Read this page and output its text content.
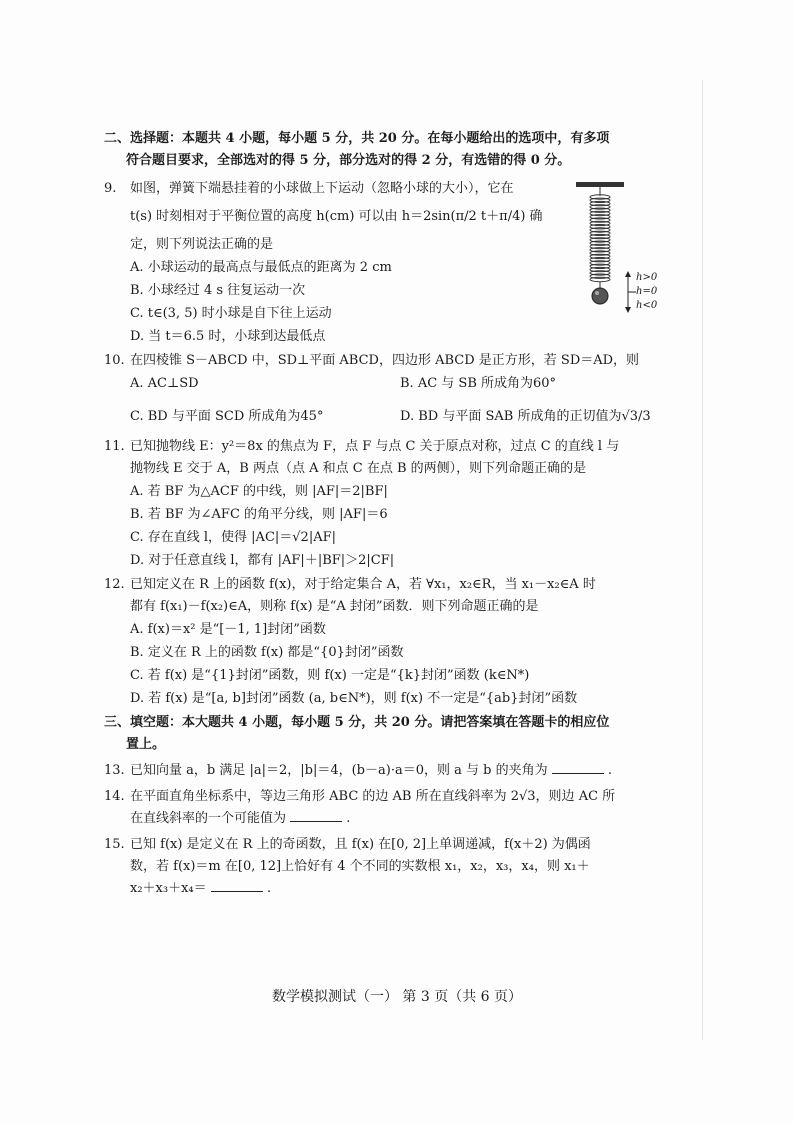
二、选择题：本题共 4 小题，每小题 5 分，共 20 分。在每小题给出的选项中，有多项
符合题目要求，全部选对的得 5 分，部分选对的得 2 分，有选错的得 0 分。
9.	如图，弹簧下端悬挂着的小球做上下运动（忽略小球的大小），它在
t(s) 时刻相对于平衡位置的高度 h(cm) 可以由 h＝2sin(π/2 t＋π/4) 确
定，则下列说法正确的是
A. 小球运动的最高点与最低点的距离为 2 cm
B. 小球经过 4 s 往复运动一次
C. t∈(3, 5) 时小球是自下往上运动
D. 当 t＝6.5 时，小球到达最低点
10. 在四棱锥 S－ABCD 中，SD⊥平面 ABCD，四边形 ABCD 是正方形，若 SD＝AD，则
A. AC⊥SD	B. AC 与 SB 所成角为60°
C. BD 与平面 SCD 所成角为45°	D. BD 与平面 SAB 所成角的正切值为√3/3
11. 已知抛物线 E：y²＝8x 的焦点为 F，点 F 与点 C 关于原点对称，过点 C 的直线 l 与
抛物线 E 交于 A，B 两点（点 A 和点 C 在点 B 的两侧），则下列命题正确的是
A. 若 BF 为△ACF 的中线，则 |AF|＝2|BF|
B. 若 BF 为∠AFC 的角平分线，则 |AF|＝6
C. 存在直线 l，使得 |AC|＝√2|AF|
D. 对于任意直线 l，都有 |AF|＋|BF|＞2|CF|
12. 已知定义在 R 上的函数 f(x)，对于给定集合 A，若 ∀x₁，x₂∈R，当 x₁－x₂∈A 时
都有 f(x₁)－f(x₂)∈A，则称 f(x) 是“A 封闭”函数．则下列命题正确的是
A. f(x)＝x² 是“[－1, 1]封闭”函数
B. 定义在 R 上的函数 f(x) 都是“{0}封闭”函数
C. 若 f(x) 是“{1}封闭”函数，则 f(x) 一定是“{k}封闭”函数 (k∈N*)
D. 若 f(x) 是“[a, b]封闭”函数 (a, b∈N*)，则 f(x) 不一定是“{ab}封闭”函数
三、填空题：本大题共 4 小题，每小题 5 分，共 20 分。请把答案填在答题卡的相应位
置上。
13. 已知向量 a，b 满足 |a|＝2，|b|＝4，(b－a)·a＝0，则 a 与 b 的夹角为	.
14. 在平面直角坐标系中，等边三角形 ABC 的边 AB 所在直线斜率为 2√3，则边 AC 所
在直线斜率的一个可能值为	.
15. 已知 f(x) 是定义在 R 上的奇函数，且 f(x) 在[0, 2]上单调递减，f(x＋2) 为偶函
数，若 f(x)＝m 在[0, 12]上恰好有 4 个不同的实数根 x₁，x₂，x₃，x₄，则 x₁＋
x₂＋x₃＋x₄＝	.
h>0
h=0
h<0
数学模拟测试（一） 第 3 页（共 6 页）
